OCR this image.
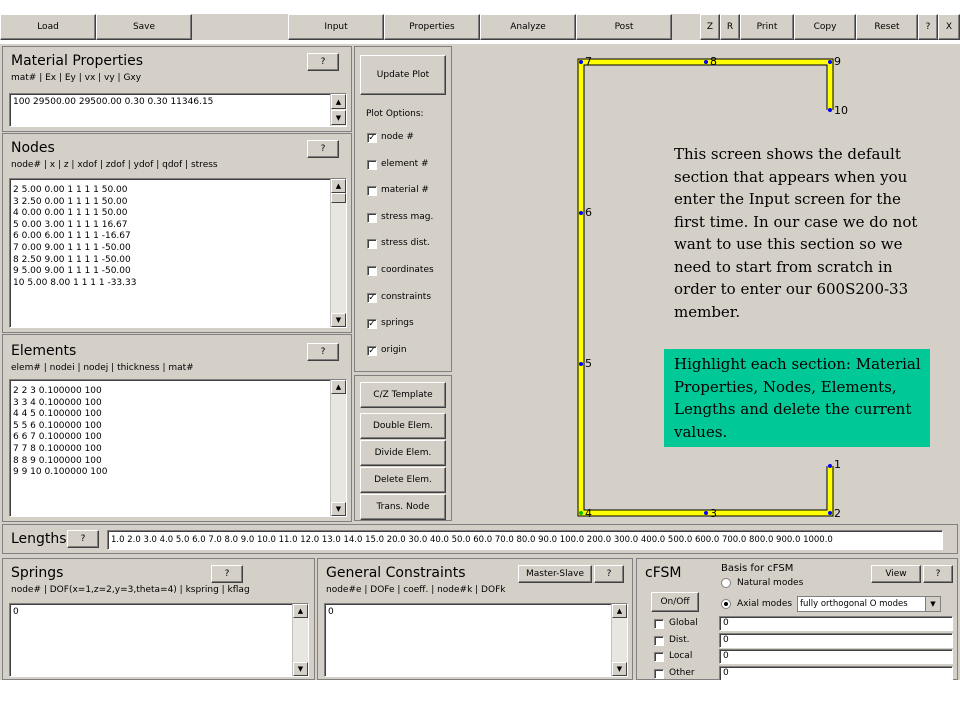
Load	Save	Input	Properties	Analyze	Post	Z	R	Print	Copy	Reset	?	X
Material Properties
mat# | Ex | Ey | vx | vy | Gxy
?
100 29500.00 29500.00 0.30 0.30 11346.15	▲
▼
Nodes
node# | x | z | xdof | zdof | ydof | qdof | stress
?
2 5.00 0.00 1 1 1 1 50.00
3 2.50 0.00 1 1 1 1 50.00
4 0.00 0.00 1 1 1 1 50.00
5 0.00 3.00 1 1 1 1 16.67
6 0.00 6.00 1 1 1 1 -16.67
7 0.00 9.00 1 1 1 1 -50.00
8 2.50 9.00 1 1 1 1 -50.00
9 5.00 9.00 1 1 1 1 -50.00
10 5.00 8.00 1 1 1 1 -33.33
▲
▼
Elements
elem# | nodei | nodej | thickness | mat#
?
2 2 3 0.100000 100
3 3 4 0.100000 100
4 4 5 0.100000 100
5 5 6 0.100000 100
6 6 7 0.100000 100
7 7 8 0.100000 100
8 8 9 0.100000 100
9 9 10 0.100000 100
▲
▼
Update Plot
Plot Options:
✓ node #
element #
material #
stress mag.
stress dist.
coordinates
✓ constraints
✓ springs
✓ origin
C/Z Template
Double Elem.
Divide Elem.
Delete Elem.
Trans. Node
1
2
3
4
5
6
7	8	9
10
This screen shows the default section that appears when you enter the Input screen for the first time. In our case we do not want to use this section so we need to start from scratch in order to enter our 600S200-33 member.
Highlight each section: Material Properties, Nodes, Elements, Lengths and delete the current values.
Lengths	?	1.0 2.0 3.0 4.0 5.0 6.0 7.0 8.0 9.0 10.0 11.0 12.0 13.0 14.0 15.0 20.0 30.0 40.0 50.0 60.0 70.0 80.0 90.0 100.0 200.0 300.0 400.0 500.0 600.0 700.0 800.0 900.0 1000.0
Springs
node# | DOF(x=1,z=2,y=3,theta=4) | kspring | kflag
?
0	▲
▼
General Constraints
node#e | DOFe | coeff. | node#k | DOFk
Master-Slave	?
0	▲
▼
cFSM	Basis for cFSM	View	?
Natural modes
Axial modes fully orthogonal O modes	▼
On/Off
Global	0
Dist.	0
Local	0
Other	0
